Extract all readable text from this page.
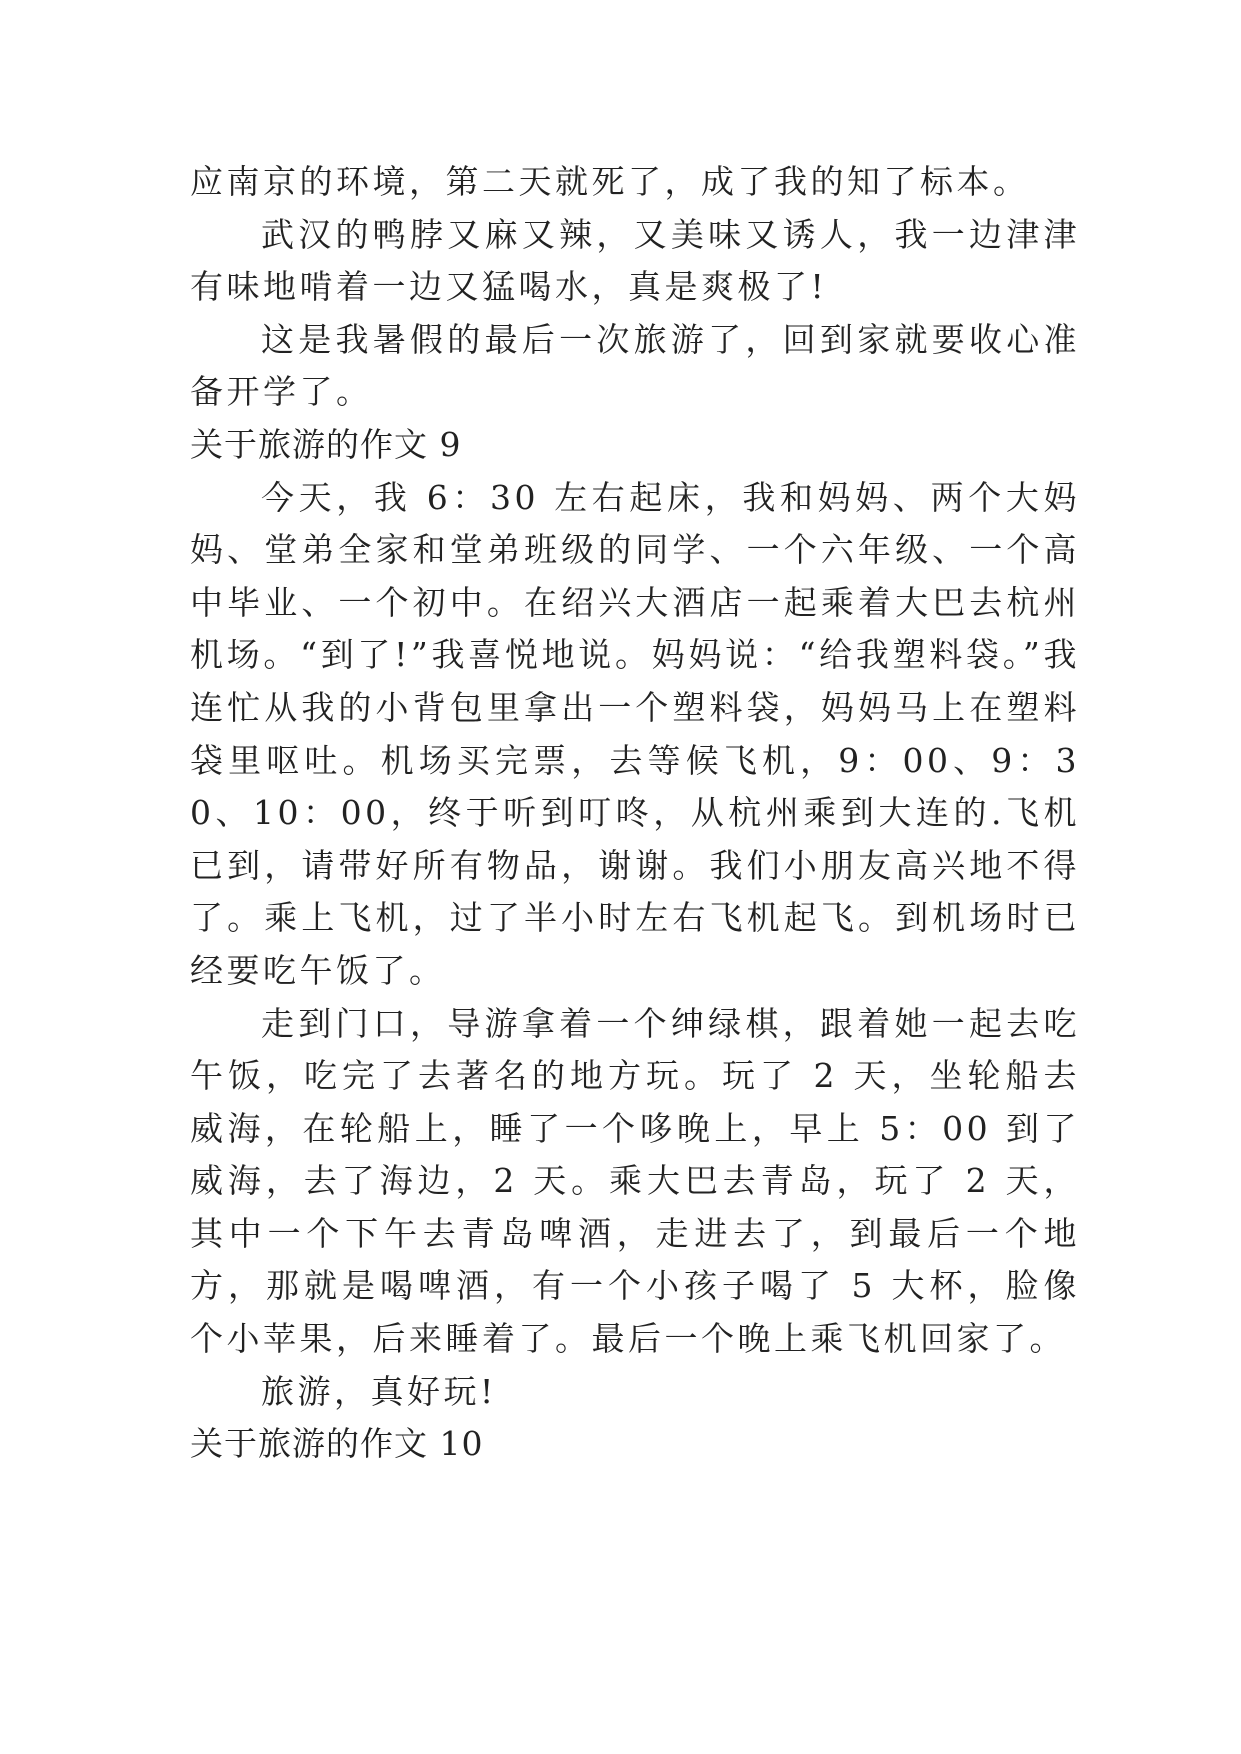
应南京的环境，第二天就死了，成了我的知了标本。

武汉的鸭脖又麻又辣，又美味又诱人，我一边津津有味地啃着一边又猛喝水，真是爽极了!

这是我暑假的最后一次旅游了，回到家就要收心准备开学了。

关于旅游的作文 9

今天，我 6：30 左右起床，我和妈妈、两个大妈妈、堂弟全家和堂弟班级的同学、一个六年级、一个高中毕业、一个初中。在绍兴大酒店一起乘着大巴去杭州机场。“到了!”我喜悦地说。妈妈说：“给我塑料袋。”我连忙从我的小背包里拿出一个塑料袋，妈妈马上在塑料袋里呕吐。机场买完票，去等候飞机，9：00、9：30、10：00，终于听到叮咚，从杭州乘到大连的.飞机已到，请带好所有物品，谢谢。我们小朋友高兴地不得了。乘上飞机，过了半小时左右飞机起飞。到机场时已经要吃午饭了。

走到门口，导游拿着一个绅绿棋，跟着她一起去吃午饭，吃完了去著名的地方玩。玩了 2 天，坐轮船去威海，在轮船上，睡了一个哆晚上，早上 5：00 到了威海，去了海边，2 天。乘大巴去青岛，玩了 2 天，其中一个下午去青岛啤酒，走进去了，到最后一个地方，那就是喝啤酒，有一个小孩子喝了 5 大杯，脸像个小苹果，后来睡着了。最后一个晚上乘飞机回家了。

旅游，真好玩!

关于旅游的作文 10
